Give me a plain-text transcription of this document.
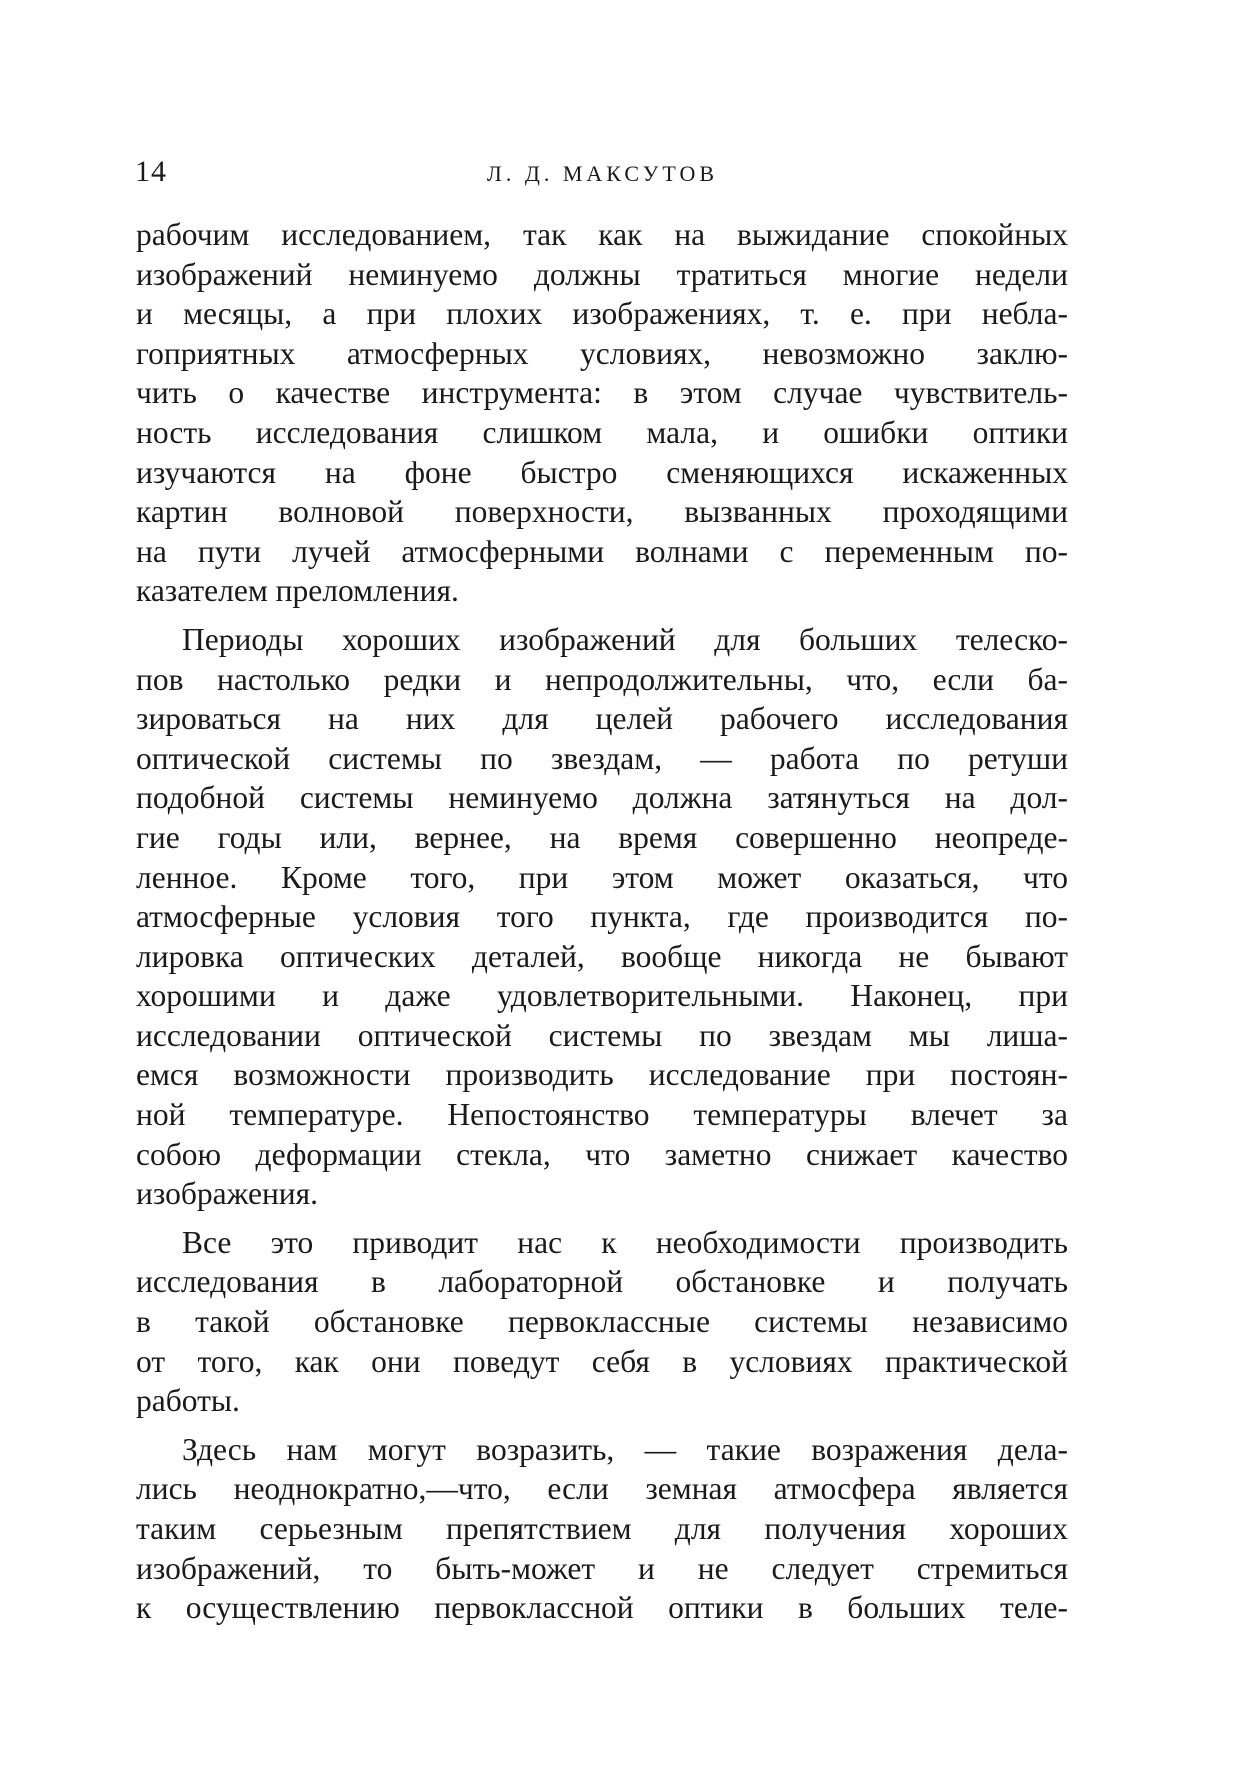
14	Л. Д. МАКСУТОВ

рабочим исследованием, так как на выжидание спокойных
изображений неминуемо должны тратиться многие недели
и месяцы, а при плохих изображениях, т. е. при небла-
гоприятных атмосферных условиях, невозможно заклю-
чить о качестве инструмента: в этом случае чувствитель-
ность исследования слишком мала, и ошибки оптики
изучаются на фоне быстро сменяющихся искаженных
картин волновой поверхности, вызванных проходящими
на пути лучей атмосферными волнами с переменным по-
казателем преломления.

Периоды хороших изображений для больших телеско-
пов настолько редки и непродолжительны, что, если ба-
зироваться на них для целей рабочего исследования
оптической системы по звездам, — работа по ретуши
подобной системы неминуемо должна затянуться на дол-
гие годы или, вернее, на время совершенно неопреде-
ленное. Кроме того, при этом может оказаться, что
атмосферные условия того пункта, где производится по-
лировка оптических деталей, вообще никогда не бывают
хорошими и даже удовлетворительными. Наконец, при
исследовании оптической системы по звездам мы лиша-
емся возможности производить исследование при постоян-
ной температуре. Непостоянство температуры влечет за
собою деформации стекла, что заметно снижает качество
изображения.

Все это приводит нас к необходимости производить
исследования в лабораторной обстановке и получать
в такой обстановке первоклассные системы независимо
от того, как они поведут себя в условиях практической
работы.

Здесь нам могут возразить, — такие возражения дела-
лись неоднократно,—что, если земная атмосфера является
таким серьезным препятствием для получения хороших
изображений, то быть-может и не следует стремиться
к осуществлению первоклассной оптики в больших теле-
